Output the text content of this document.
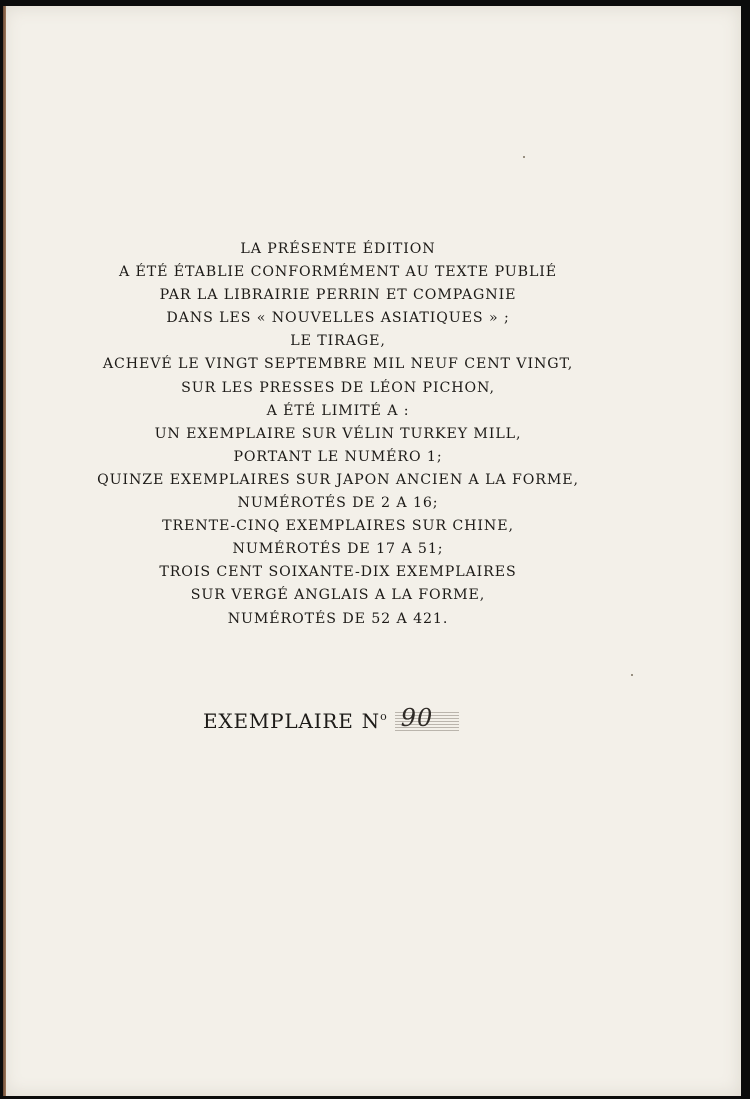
LA PRÉSENTE ÉDITION
A ÉTÉ ÉTABLIE CONFORMÉMENT AU TEXTE PUBLIÉ
PAR LA LIBRAIRIE PERRIN ET COMPAGNIE
DANS LES « NOUVELLES ASIATIQUES » ;
LE TIRAGE,
ACHEVÉ LE VINGT SEPTEMBRE MIL NEUF CENT VINGT,
SUR LES PRESSES DE LÉON PICHON,
A ÉTÉ LIMITÉ A :
UN EXEMPLAIRE SUR VÉLIN TURKEY MILL,
PORTANT LE NUMÉRO 1;
QUINZE EXEMPLAIRES SUR JAPON ANCIEN A LA FORME,
NUMÉROTÉS DE 2 A 16;
TRENTE-CINQ EXEMPLAIRES SUR CHINE,
NUMÉROTÉS DE 17 A 51;
TROIS CENT SOIXANTE-DIX EXEMPLAIRES
SUR VERGÉ ANGLAIS A LA FORME,
NUMÉROTÉS DE 52 A 421.
EXEMPLAIRE $N^o$ 90
